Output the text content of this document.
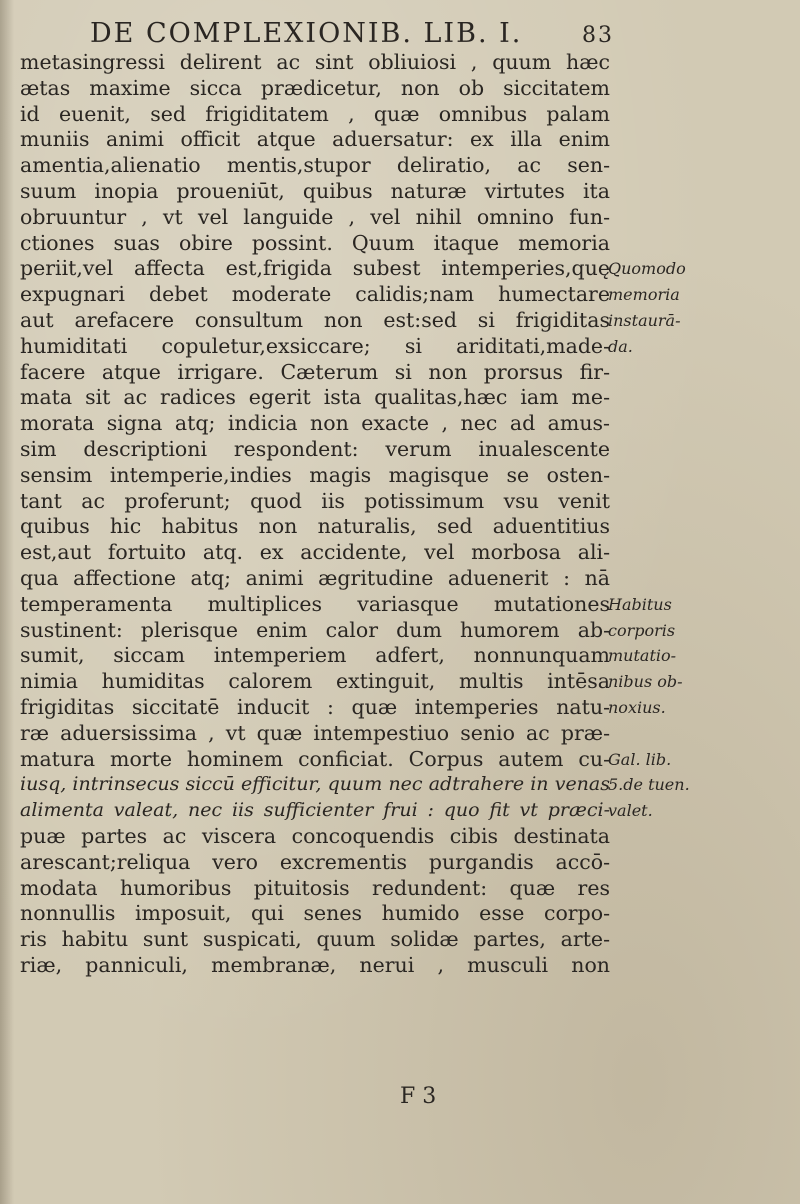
DE COMPLEXIONIB. LIB. I.	83
metasingressi delirent ac sint obliuiosi , quum hæc
ætas maxime sicca prædicetur, non ob siccitatem
id euenit, sed frigiditatem , quæ omnibus palam
muniis animi officit atque aduersatur: ex illa enim
amentia,alienatio mentis,stupor deliratio, ac sen-
suum inopia proueniūt, quibus naturæ virtutes ita
obruuntur , vt vel languide , vel nihil omnino fun-
ctiones suas obire possint. Quum itaque memoria
periit,vel affecta est,frigida subest intemperies,quę
expugnari debet moderate calidis;nam humectare
aut arefacere consultum non est:sed si frigiditas
humiditati copuletur,exsiccare; si ariditati,made-
facere atque irrigare. Cæterum si non prorsus fir-
mata sit ac radices egerit ista qualitas,hæc iam me-
morata signa atq; indicia non exacte , nec ad amus-
sim descriptioni respondent: verum inualescente
sensim intemperie,indies magis magisque se osten-
tant ac proferunt; quod iis potissimum vsu venit
quibus hic habitus non naturalis, sed aduentitius
est,aut fortuito atq. ex accidente, vel morbosa ali-
qua affectione atq; animi ægritudine aduenerit : nā
temperamenta multiplices variasque mutationes
sustinent: plerisque enim calor dum humorem ab-
sumit, siccam intemperiem adfert, nonnunquam
nimia humiditas calorem extinguit, multis intēsa
frigiditas siccitatē inducit : quæ intemperies natu-
ræ aduersissima , vt quæ intempestiuo senio ac præ-
matura morte hominem conficiat. Corpus autem cu-
iusq, intrinsecus siccū efficitur, quum nec adtrahere in venas
alimenta valeat, nec iis sufficienter frui : quo fit vt præci-
puæ partes ac viscera concoquendis cibis destinata
arescant;reliqua vero excrementis purgandis accō-
modata humoribus pituitosis redundent: quæ res
nonnullis imposuit, qui senes humido esse corpo-
ris habitu sunt suspicati, quum solidæ partes, arte-
riæ, panniculi, membranæ, nerui , musculi non
Quomodo
memoria
instaurā-
da.
Habitus
corporis
mutatio-
nibus ob-
noxius.
Gal. lib.
5.de tuen.
valet.
F 3
